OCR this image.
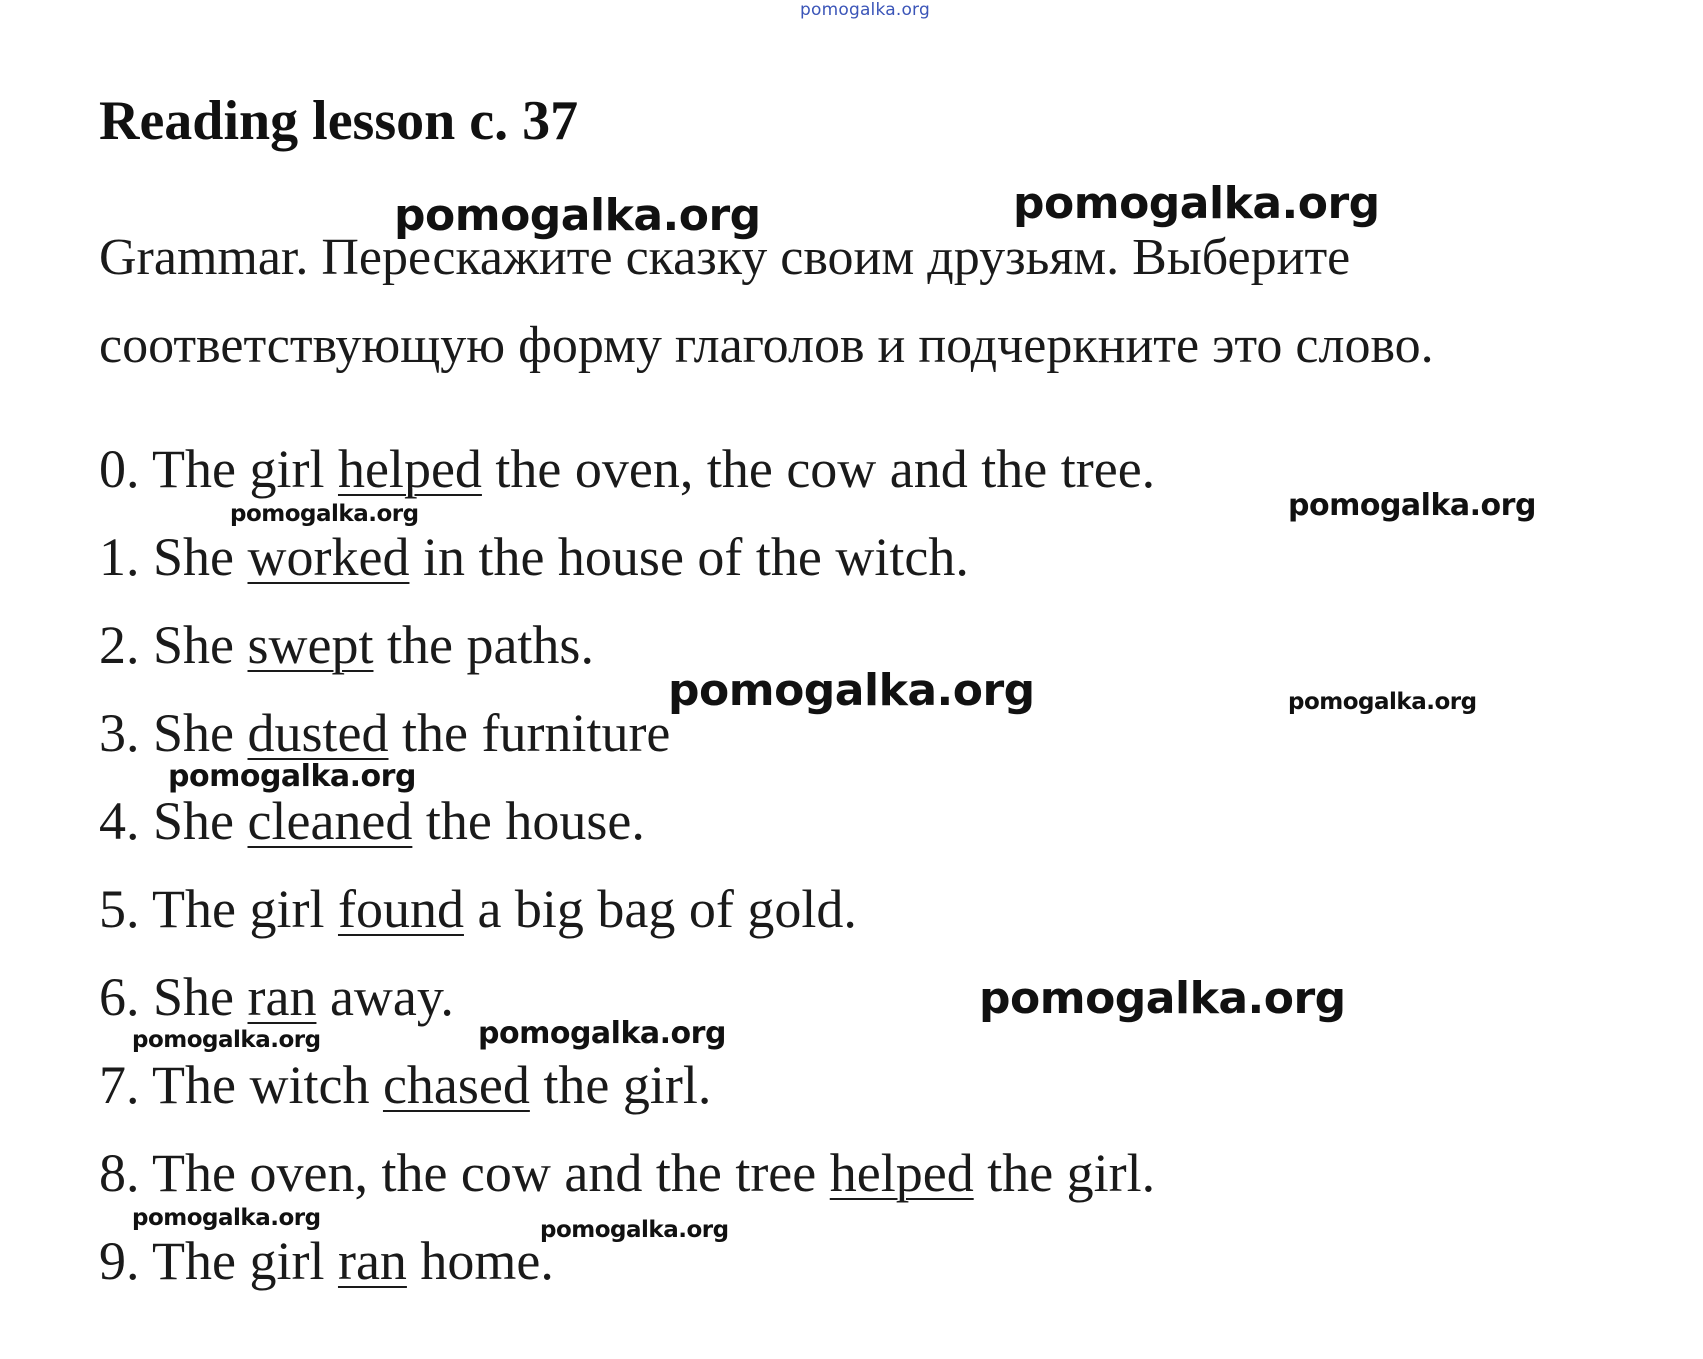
pomogalka.org
Reading lesson c. 37
Grammar. Перескажите сказку своим друзьям. Выберите
соответствующую форму глаголов и подчеркните это слово.
0. The girl helped the oven, the cow and the tree.
1. She worked in the house of the witch.
2. She swept the paths.
3. She dusted the furniture
4. She cleaned the house.
5. The girl found a big bag of gold.
6. She ran away.
7. The witch chased the girl.
8. The oven, the cow and the tree helped the girl.
9. The girl ran home.
pomogalka.org	pomogalka.org
pomogalka.org	pomogalka.org
pomogalka.org	pomogalka.org
pomogalka.org
pomogalka.org
pomogalka.org	pomogalka.org
pomogalka.org	pomogalka.org
